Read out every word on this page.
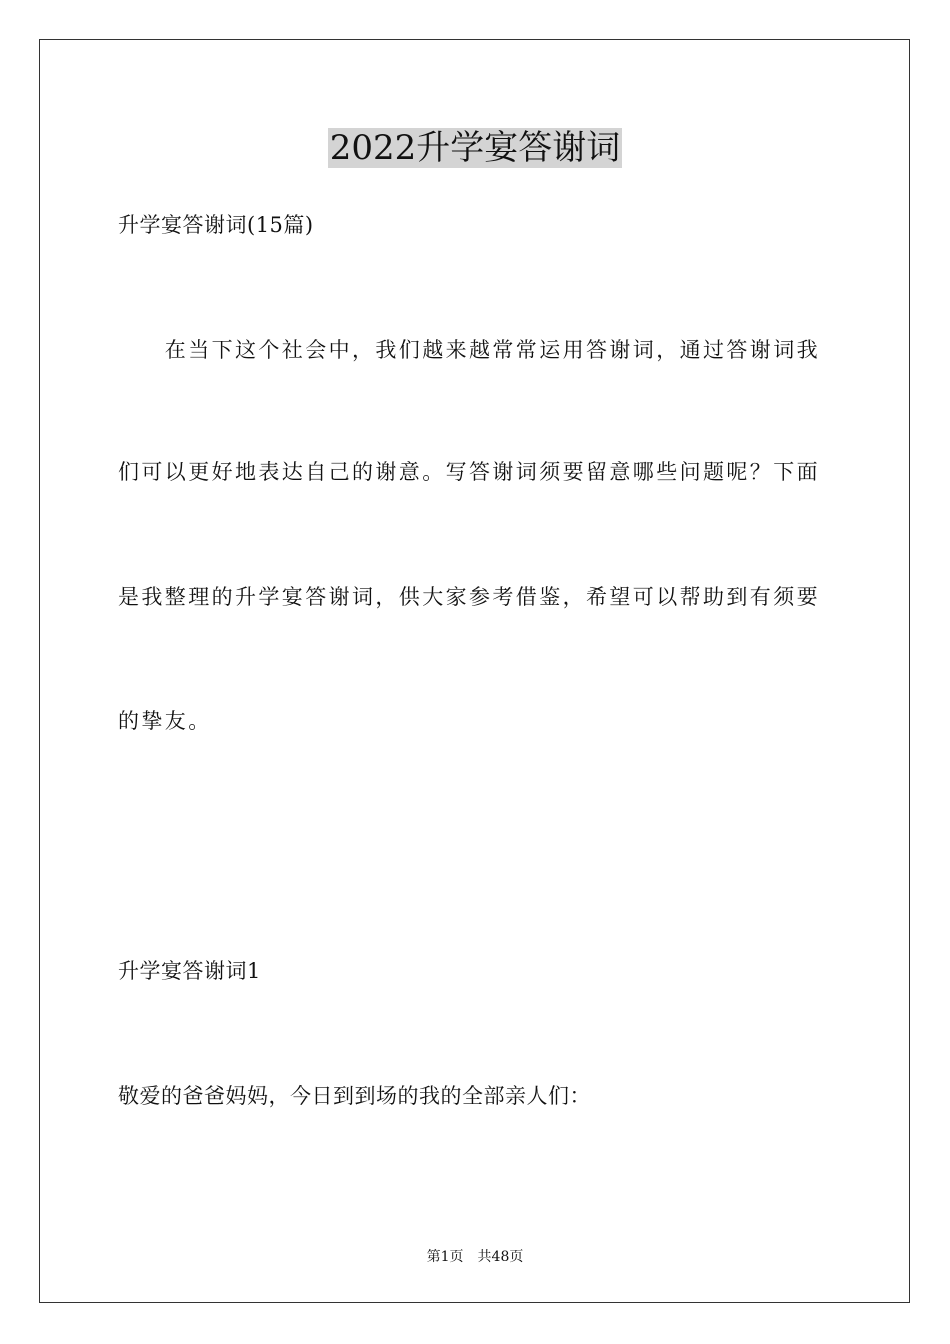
2022升学宴答谢词

升学宴答谢词(15篇)

　　在当下这个社会中，我们越来越常常运用答谢词，通过答谢词我

们可以更好地表达自己的谢意。写答谢词须要留意哪些问题呢？下面

是我整理的升学宴答谢词，供大家参考借鉴，希望可以帮助到有须要

的挚友。

升学宴答谢词1

敬爱的爸爸妈妈，今日到到场的我的全部亲人们：

第1页　共48页
